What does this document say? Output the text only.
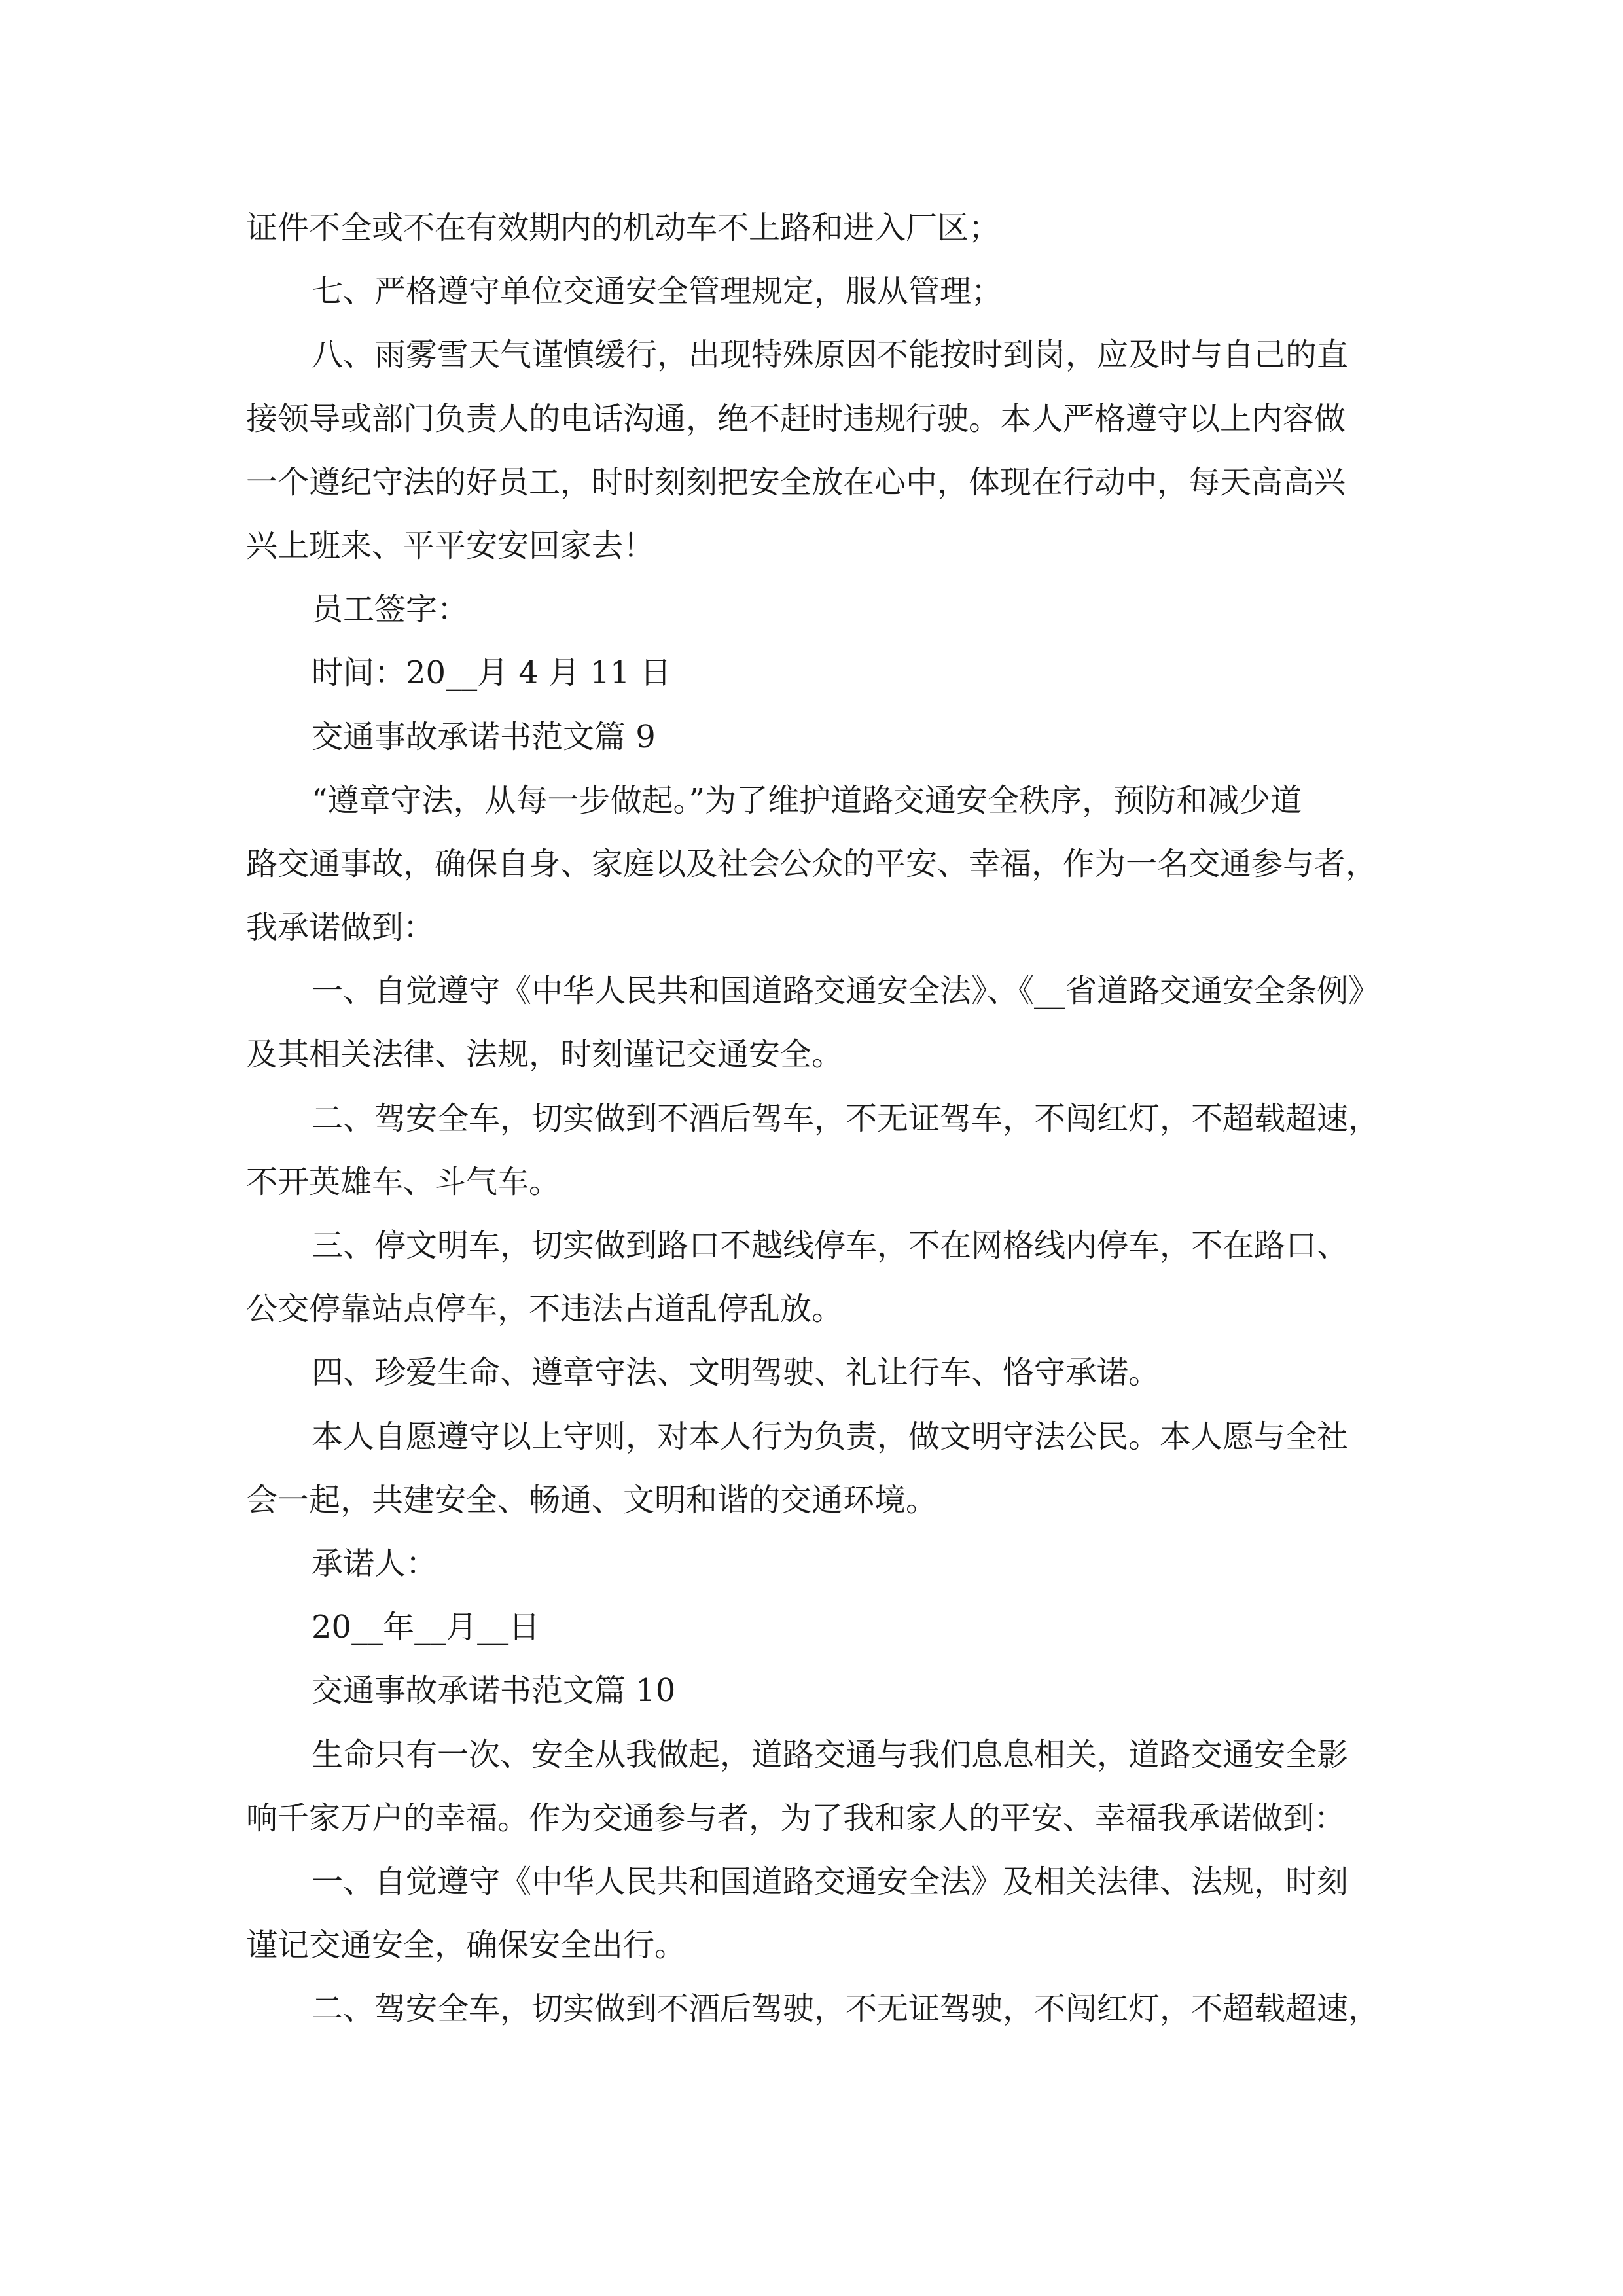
证件不全或不在有效期内的机动车不上路和进入厂区；
七、严格遵守单位交通安全管理规定，服从管理；
八、雨雾雪天气谨慎缓行，出现特殊原因不能按时到岗，应及时与自己的直
接领导或部门负责人的电话沟通，绝不赶时违规行驶。本人严格遵守以上内容做
一个遵纪守法的好员工，时时刻刻把安全放在心中，体现在行动中，每天高高兴
兴上班来、平平安安回家去！
员工签字：
时间：20__月 4 月 11 日
交通事故承诺书范文篇 9
“遵章守法，从每一步做起。”为了维护道路交通安全秩序，预防和减少道
路交通事故，确保自身、家庭以及社会公众的平安、幸福，作为一名交通参与者，
我承诺做到：
一、自觉遵守《中华人民共和国道路交通安全法》、《__省道路交通安全条例》
及其相关法律、法规，时刻谨记交通安全。
二、驾安全车，切实做到不酒后驾车，不无证驾车，不闯红灯，不超载超速，
不开英雄车、斗气车。
三、停文明车，切实做到路口不越线停车，不在网格线内停车，不在路口、
公交停靠站点停车，不违法占道乱停乱放。
四、珍爱生命、遵章守法、文明驾驶、礼让行车、恪守承诺。
本人自愿遵守以上守则，对本人行为负责，做文明守法公民。本人愿与全社
会一起，共建安全、畅通、文明和谐的交通环境。
承诺人：
20__年__月__日
交通事故承诺书范文篇 10
生命只有一次、安全从我做起，道路交通与我们息息相关，道路交通安全影
响千家万户的幸福。作为交通参与者，为了我和家人的平安、幸福我承诺做到：
一、自觉遵守《中华人民共和国道路交通安全法》及相关法律、法规，时刻
谨记交通安全，确保安全出行。
二、驾安全车，切实做到不酒后驾驶，不无证驾驶，不闯红灯，不超载超速，
